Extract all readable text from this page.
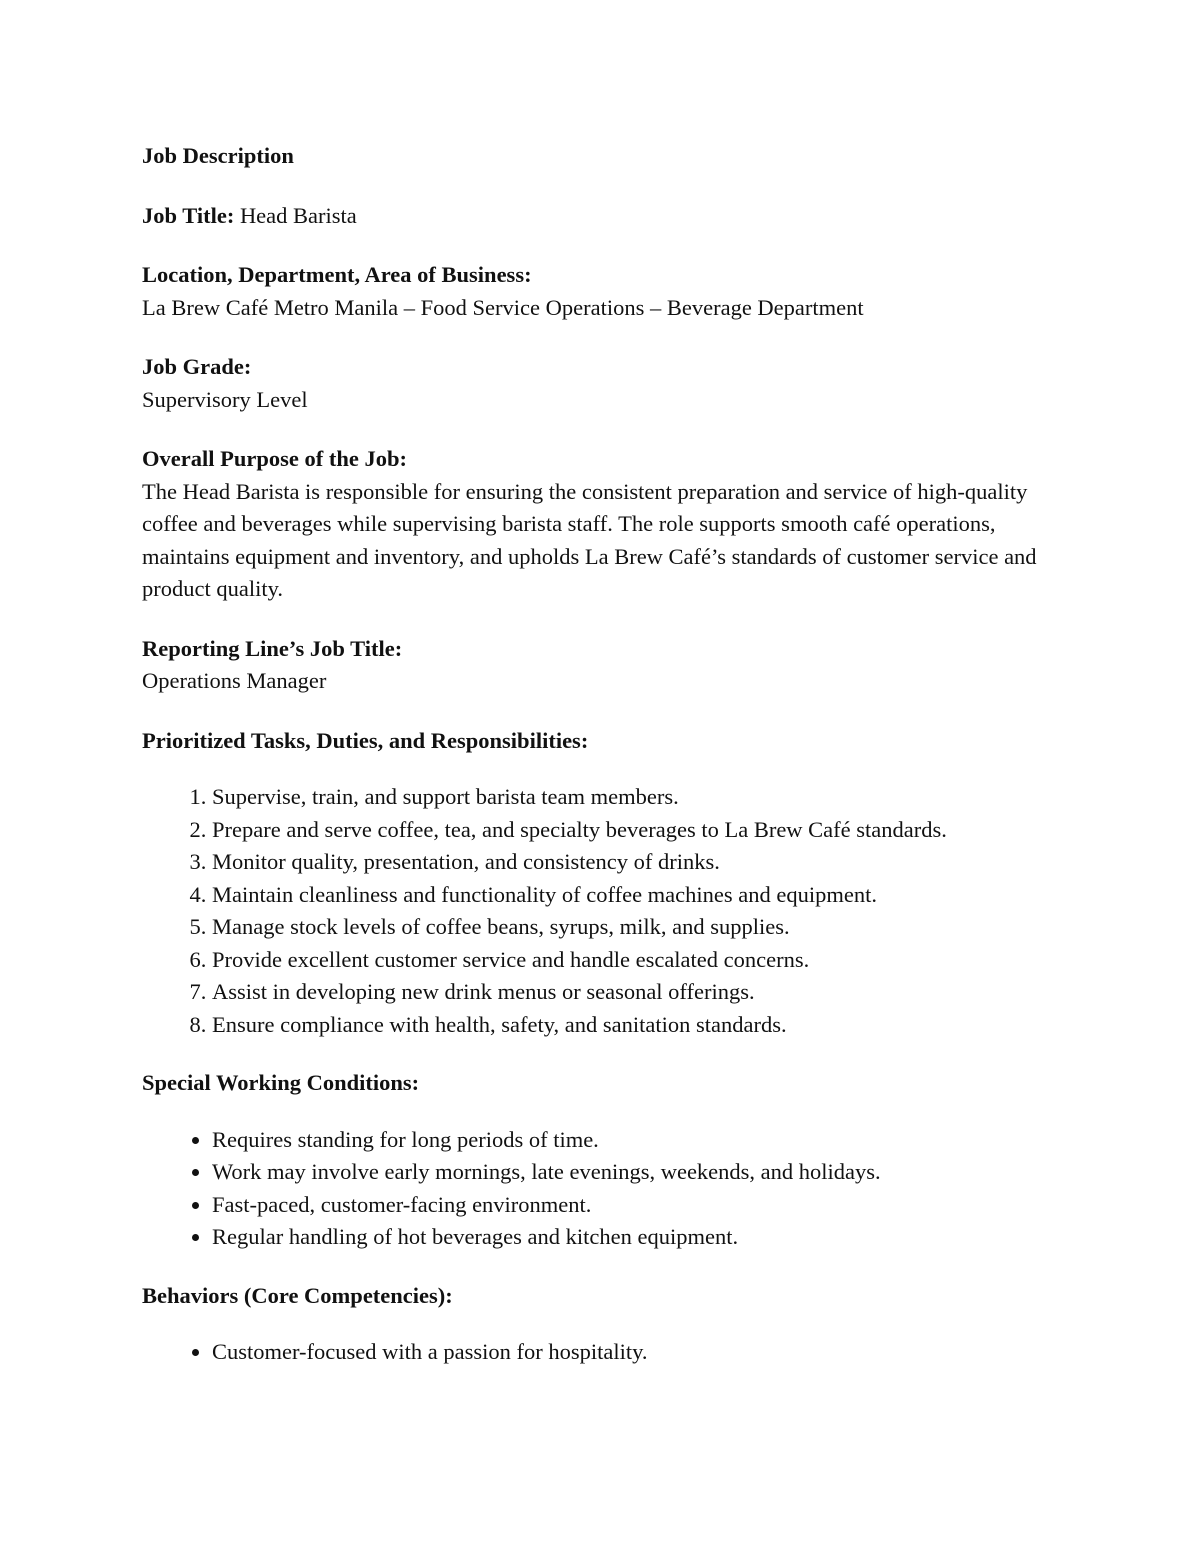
Job Description
Job Title: Head Barista
Location, Department, Area of Business:
La Brew Café Metro Manila – Food Service Operations – Beverage Department
Job Grade:
Supervisory Level
Overall Purpose of the Job:
The Head Barista is responsible for ensuring the consistent preparation and service of high-quality coffee and beverages while supervising barista staff. The role supports smooth café operations, maintains equipment and inventory, and upholds La Brew Café’s standards of customer service and product quality.
Reporting Line’s Job Title:
Operations Manager
Prioritized Tasks, Duties, and Responsibilities:
1. Supervise, train, and support barista team members.
2. Prepare and serve coffee, tea, and specialty beverages to La Brew Café standards.
3. Monitor quality, presentation, and consistency of drinks.
4. Maintain cleanliness and functionality of coffee machines and equipment.
5. Manage stock levels of coffee beans, syrups, milk, and supplies.
6. Provide excellent customer service and handle escalated concerns.
7. Assist in developing new drink menus or seasonal offerings.
8. Ensure compliance with health, safety, and sanitation standards.
Special Working Conditions:
• Requires standing for long periods of time.
• Work may involve early mornings, late evenings, weekends, and holidays.
• Fast-paced, customer-facing environment.
• Regular handling of hot beverages and kitchen equipment.
Behaviors (Core Competencies):
• Customer-focused with a passion for hospitality.
